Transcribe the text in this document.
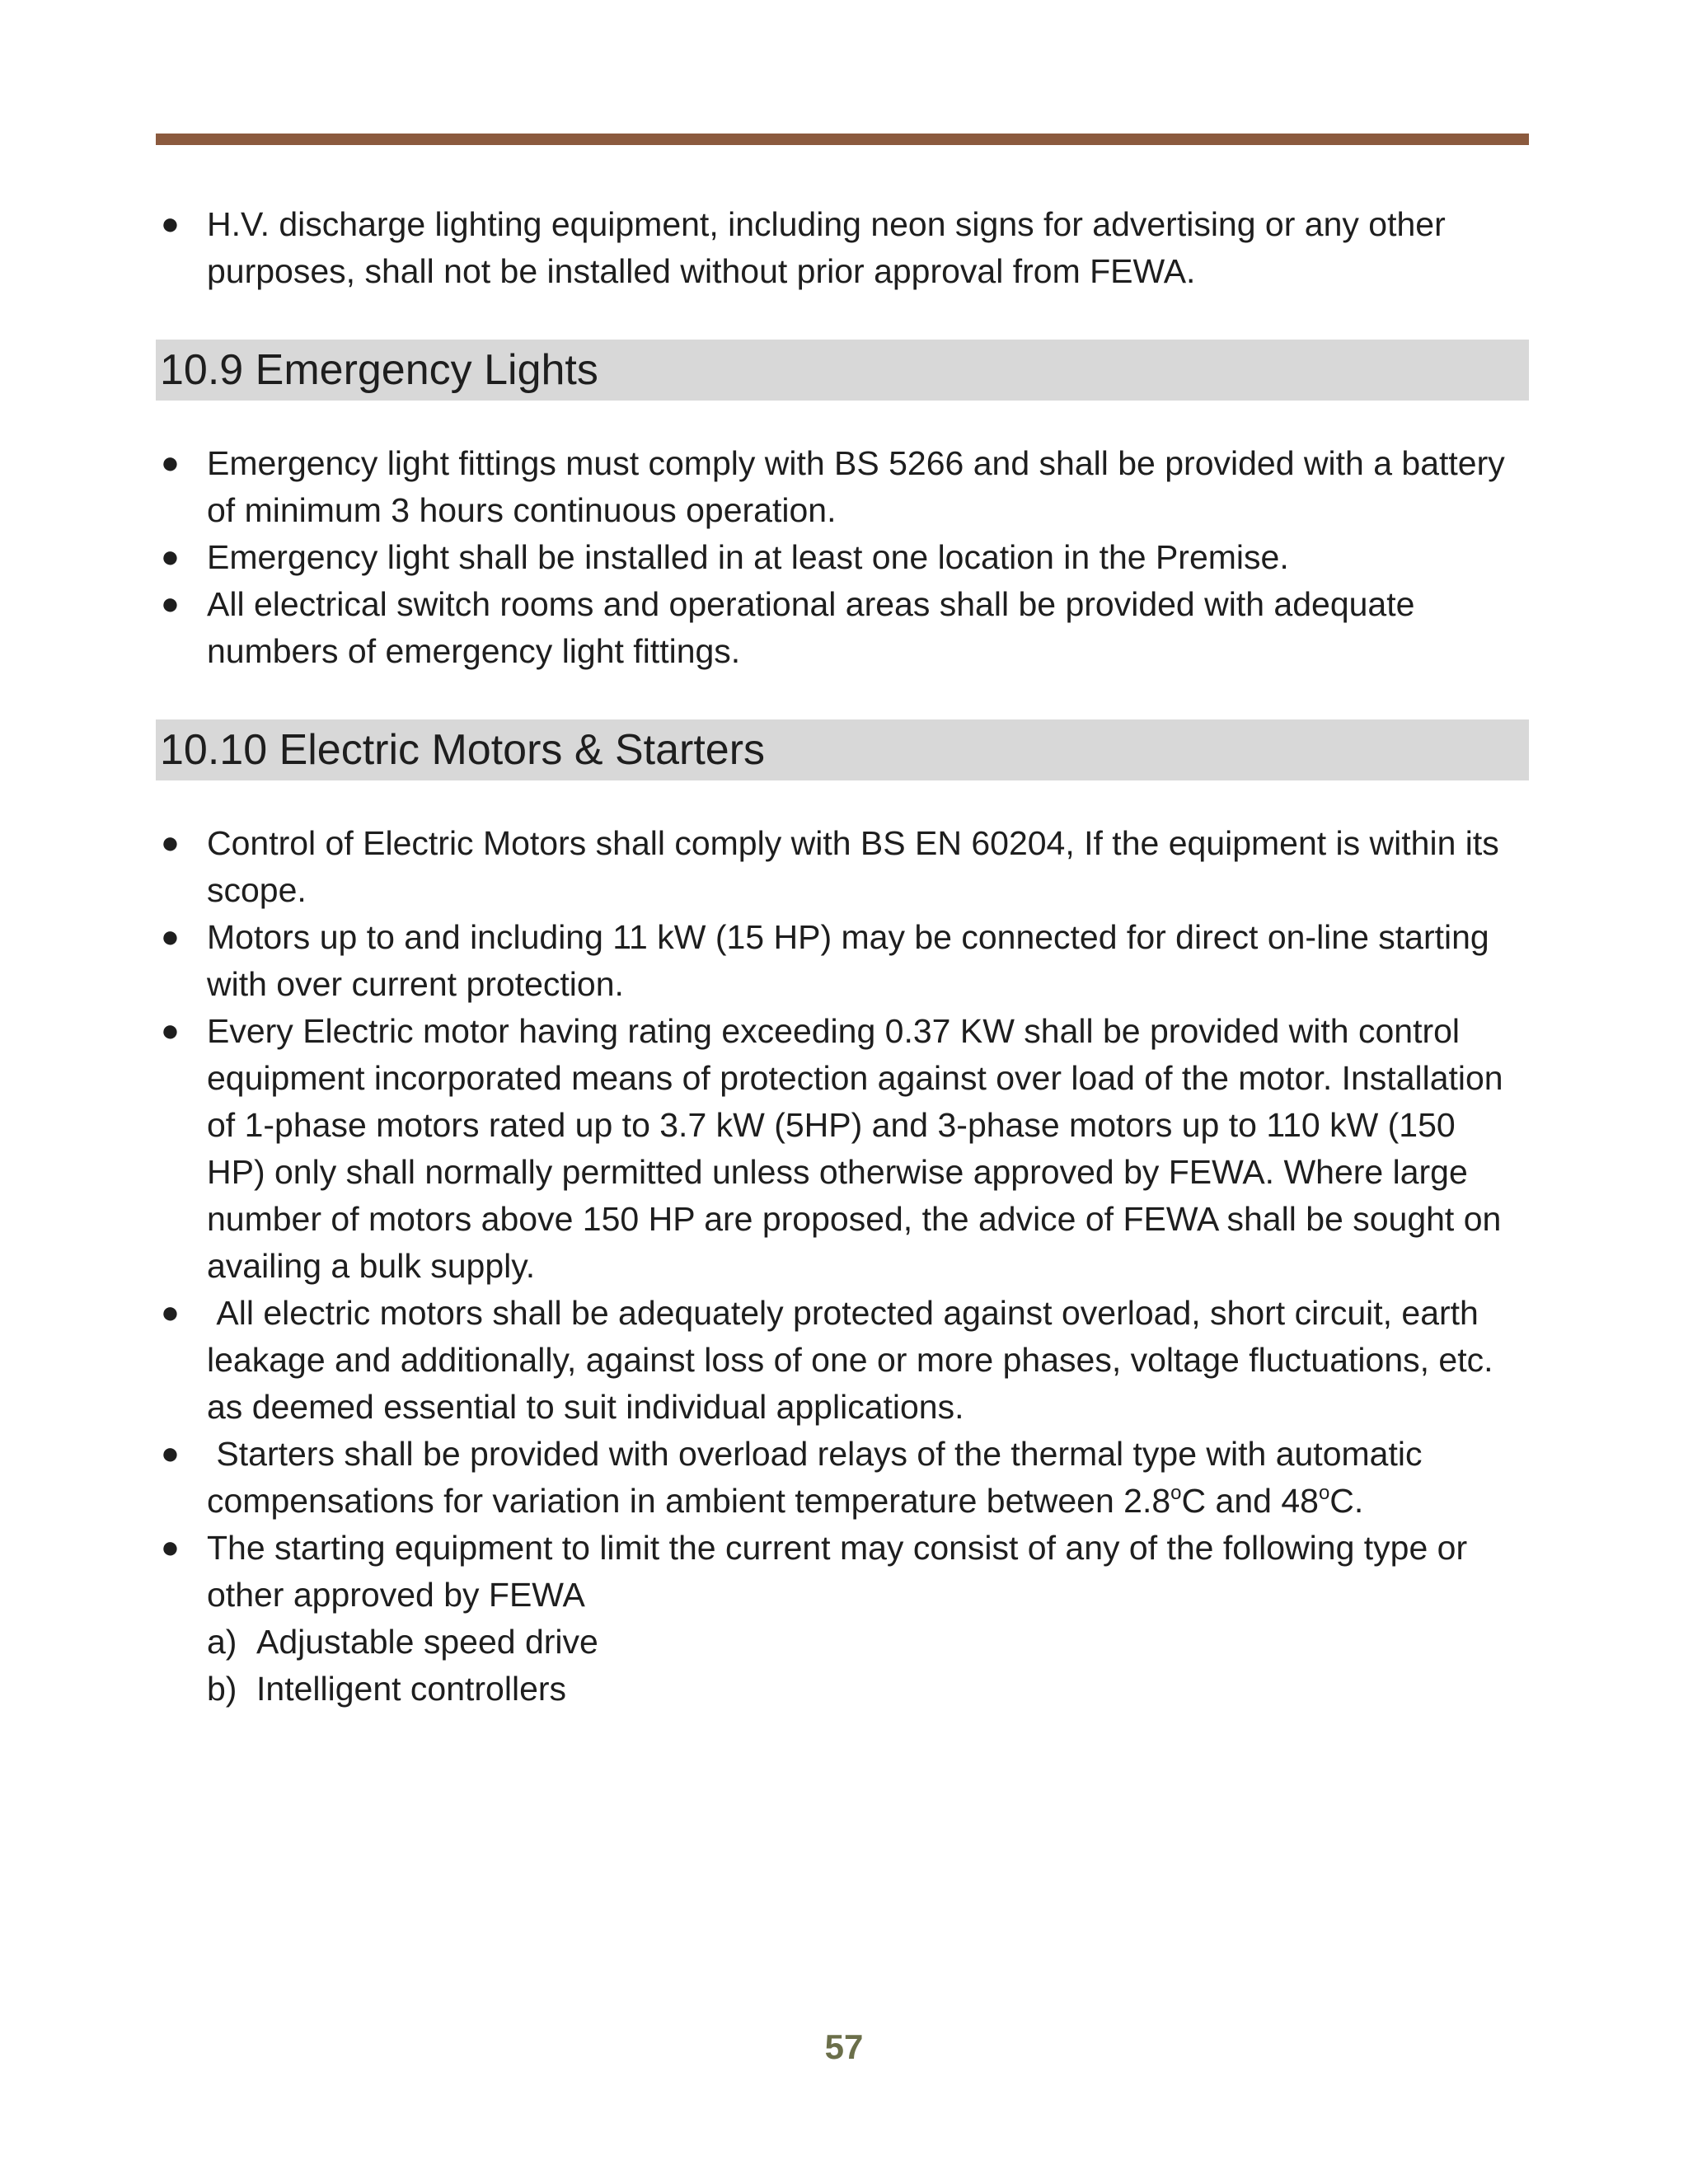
● H.V. discharge lighting equipment, including neon signs for advertising or any other purposes, shall not be installed without prior approval from FEWA.
10.9 Emergency Lights
● Emergency light fittings must comply with BS 5266 and shall be provided with a battery of minimum 3 hours continuous operation.
● Emergency light shall be installed in at least one location in the Premise.
● All electrical switch rooms and operational areas shall be provided with adequate numbers of emergency light fittings.
10.10 Electric Motors & Starters
● Control of Electric Motors shall comply with BS EN 60204, If the equipment is within its scope.
● Motors up to and including 11 kW (15 HP) may be connected for direct on-line starting with over current protection.
● Every Electric motor having rating exceeding 0.37 KW shall be provided with control equipment incorporated means of protection against over load of the motor. Installation of 1-phase motors rated up to 3.7 kW (5HP) and 3-phase motors up to 110 kW (150 HP) only shall normally permitted unless otherwise approved by FEWA. Where large number of motors above 150 HP are proposed, the advice of FEWA shall be sought on availing a bulk supply.
● All electric motors shall be adequately protected against overload, short circuit, earth leakage and additionally, against loss of one or more phases, voltage fluctuations, etc. as deemed essential to suit individual applications.
● Starters shall be provided with overload relays of the thermal type with automatic compensations for variation in ambient temperature between 2.8$^o$C and 48$^o$C.
● The starting equipment to limit the current may consist of any of the following type or other approved by FEWA
a) Adjustable speed drive
b) Intelligent controllers
57
